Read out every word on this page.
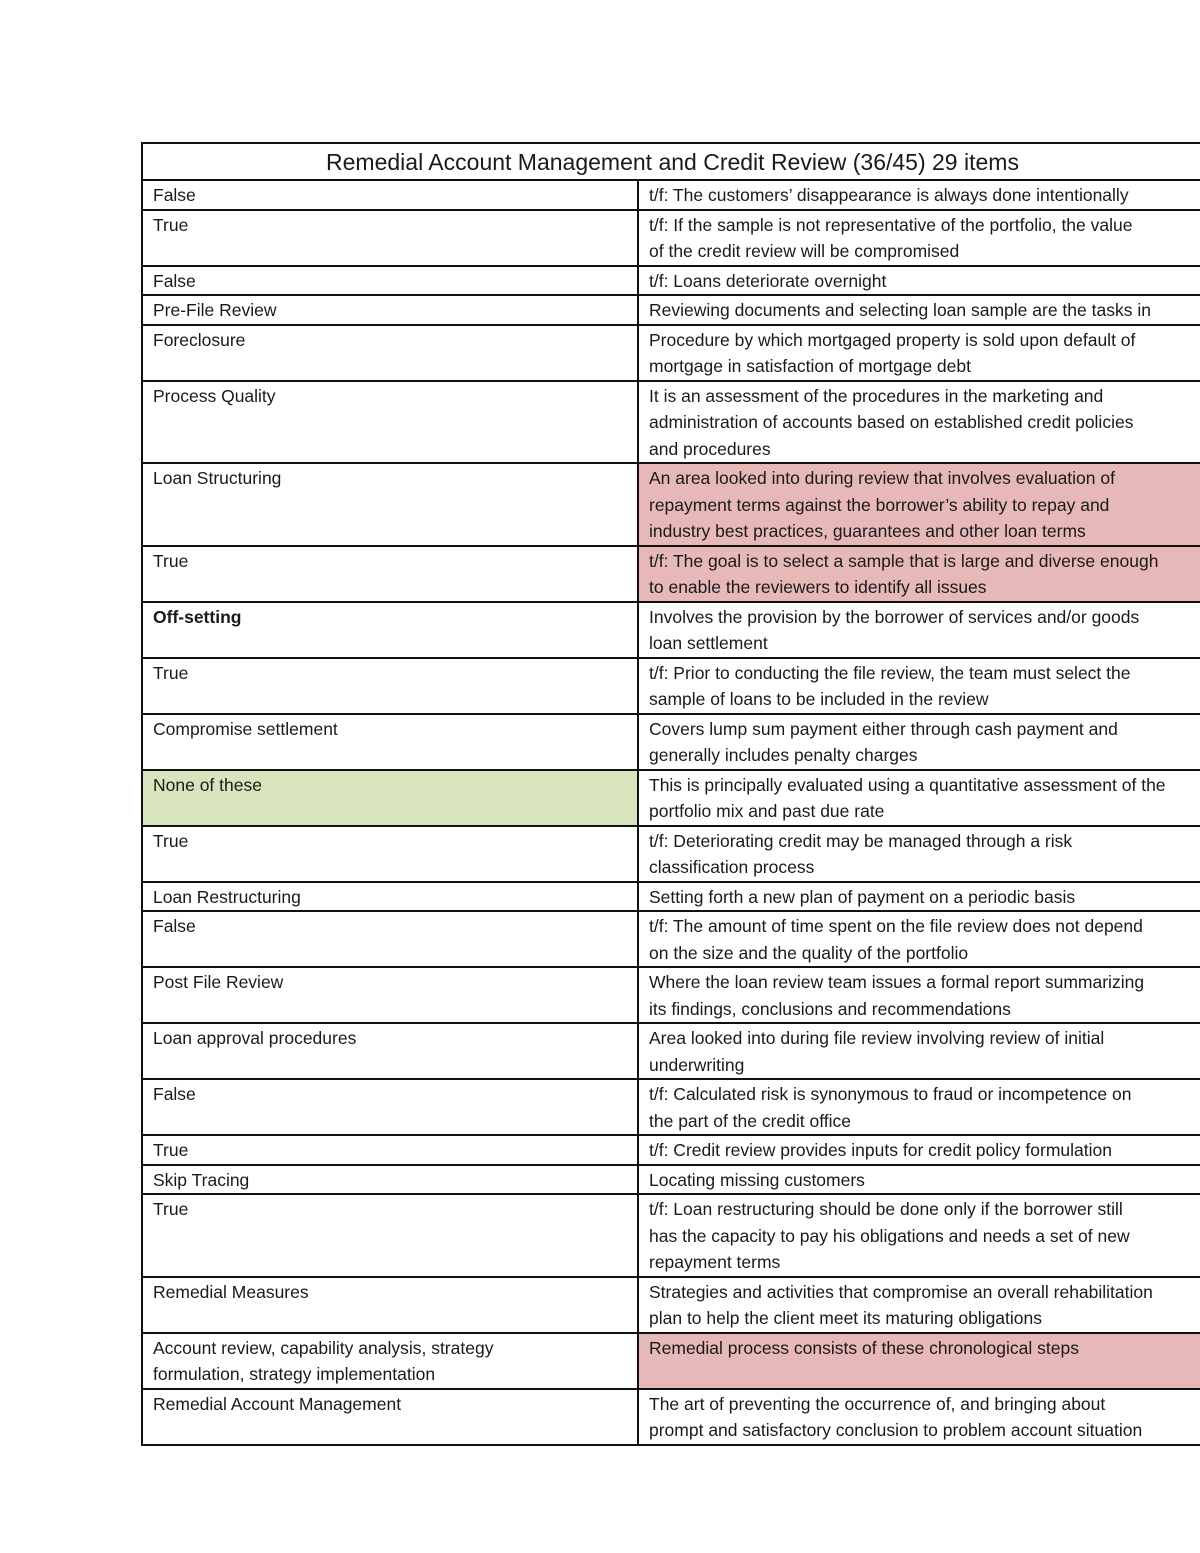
Remedial Account Management and Credit Review (36/45) 29 items	
False	t/f: The customers’ disappearance is always done intentionally
True	t/f: If the sample is not representative of the portfolio, the value
of the credit review will be compromised
False	t/f: Loans deteriorate overnight
Pre-File Review	Reviewing documents and selecting loan sample are the tasks in
Foreclosure	Procedure by which mortgaged property is sold upon default of
mortgage in satisfaction of mortgage debt
Process Quality	It is an assessment of the procedures in the marketing and
administration of accounts based on established credit policies
and procedures
Loan Structuring	An area looked into during review that involves evaluation of
repayment terms against the borrower’s ability to repay and
industry best practices, guarantees and other loan terms
True	t/f: The goal is to select a sample that is large and diverse enough
to enable the reviewers to identify all issues
Off-setting	Involves the provision by the borrower of services and/or goods
loan settlement
True	t/f: Prior to conducting the file review, the team must select the
sample of loans to be included in the review
Compromise settlement	Covers lump sum payment either through cash payment and
generally includes penalty charges
None of these	This is principally evaluated using a quantitative assessment of the
portfolio mix and past due rate
True	t/f: Deteriorating credit may be managed through a risk
classification process
Loan Restructuring	Setting forth a new plan of payment on a periodic basis
False	t/f: The amount of time spent on the file review does not depend
on the size and the quality of the portfolio
Post File Review	Where the loan review team issues a formal report summarizing
its findings, conclusions and recommendations
Loan approval procedures	Area looked into during file review involving review of initial
underwriting
False	t/f: Calculated risk is synonymous to fraud or incompetence on
the part of the credit office
True	t/f: Credit review provides inputs for credit policy formulation
Skip Tracing	Locating missing customers
True	t/f: Loan restructuring should be done only if the borrower still
has the capacity to pay his obligations and needs a set of new
repayment terms
Remedial Measures	Strategies and activities that compromise an overall rehabilitation
plan to help the client meet its maturing obligations
Account review, capability analysis, strategy
formulation, strategy implementation	Remedial process consists of these chronological steps
Remedial Account Management	The art of preventing the occurrence of, and bringing about
prompt and satisfactory conclusion to problem account situation
